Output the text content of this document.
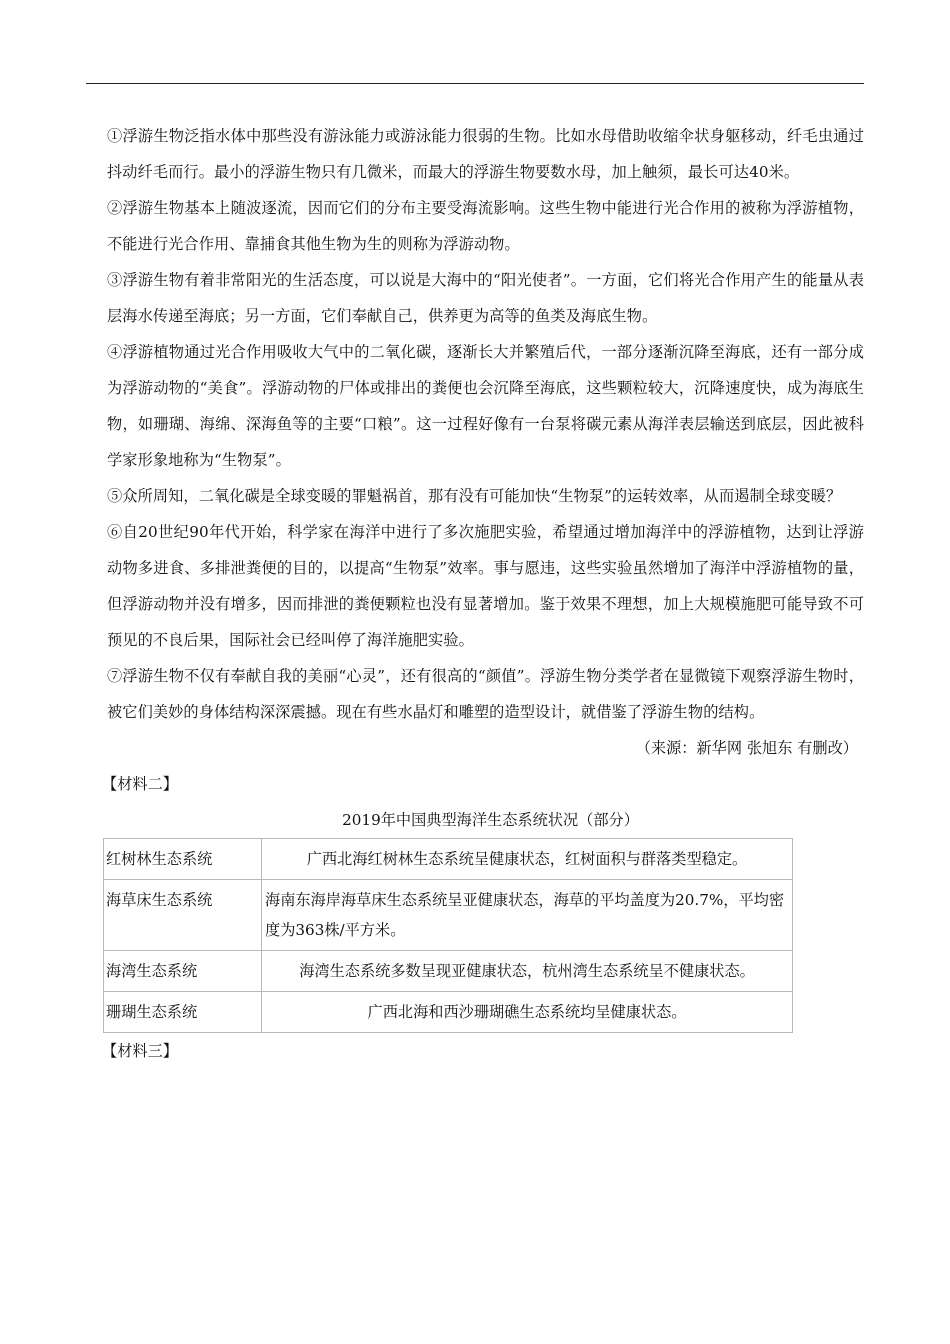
①浮游生物泛指水体中那些没有游泳能力或游泳能力很弱的生物。比如水母借助收缩伞状身躯移动，纤毛虫通过抖动纤毛而行。最小的浮游生物只有几微米，而最大的浮游生物要数水母，加上触须，最长可达40米。

②浮游生物基本上随波逐流，因而它们的分布主要受海流影响。这些生物中能进行光合作用的被称为浮游植物，不能进行光合作用、靠捕食其他生物为生的则称为浮游动物。

③浮游生物有着非常阳光的生活态度，可以说是大海中的“阳光使者”。一方面，它们将光合作用产生的能量从表层海水传递至海底；另一方面，它们奉献自己，供养更为高等的鱼类及海底生物。

④浮游植物通过光合作用吸收大气中的二氧化碳，逐渐长大并繁殖后代，一部分逐渐沉降至海底，还有一部分成为浮游动物的“美食”。浮游动物的尸体或排出的粪便也会沉降至海底，这些颗粒较大，沉降速度快，成为海底生物，如珊瑚、海绵、深海鱼等的主要“口粮”。这一过程好像有一台泵将碳元素从海洋表层输送到底层，因此被科学家形象地称为“生物泵”。

⑤众所周知，二氧化碳是全球变暖的罪魁祸首，那有没有可能加快“生物泵”的运转效率，从而遏制全球变暖？

⑥自20世纪90年代开始，科学家在海洋中进行了多次施肥实验，希望通过增加海洋中的浮游植物，达到让浮游动物多进食、多排泄粪便的目的，以提高“生物泵”效率。事与愿违，这些实验虽然增加了海洋中浮游植物的量，但浮游动物并没有增多，因而排泄的粪便颗粒也没有显著增加。鉴于效果不理想，加上大规模施肥可能导致不可预见的不良后果，国际社会已经叫停了海洋施肥实验。

⑦浮游生物不仅有奉献自我的美丽“心灵”，还有很高的“颜值”。浮游生物分类学者在显微镜下观察浮游生物时，被它们美妙的身体结构深深震撼。现在有些水晶灯和雕塑的造型设计，就借鉴了浮游生物的结构。

（来源：新华网 张旭东 有删改）

【材料二】

2019年中国典型海洋生态系统状况（部分）

红树林生态系统	广西北海红树林生态系统呈健康状态，红树面积与群落类型稳定。
海草床生态系统	海南东海岸海草床生态系统呈亚健康状态，海草的平均盖度为20.7%，平均密度为363株/平方米。
海湾生态系统	海湾生态系统多数呈现亚健康状态，杭州湾生态系统呈不健康状态。
珊瑚生态系统	广西北海和西沙珊瑚礁生态系统均呈健康状态。

【材料三】
